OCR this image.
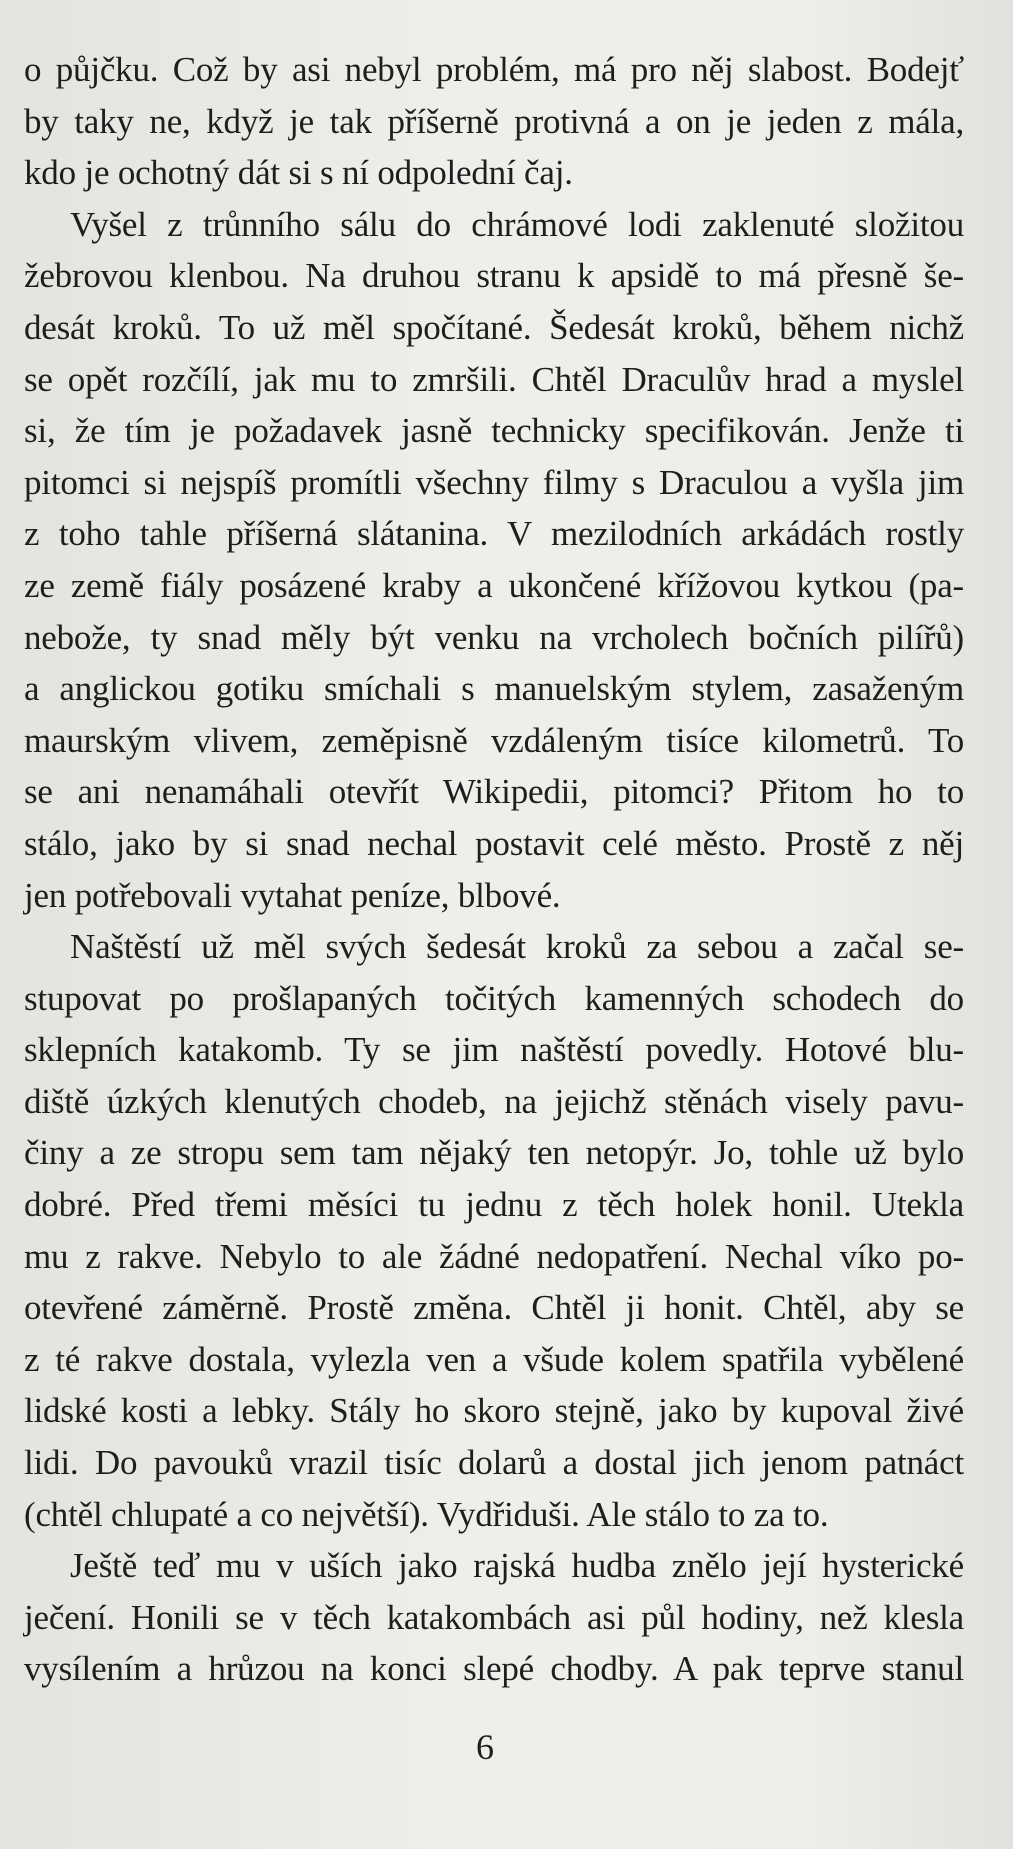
o půjčku. Což by asi nebyl problém, má pro něj slabost. Bodejť
by taky ne, když je tak příšerně protivná a on je jeden z mála,
kdo je ochotný dát si s ní odpolední čaj.
Vyšel z trůnního sálu do chrámové lodi zaklenuté složitou
žebrovou klenbou. Na druhou stranu k apsidě to má přesně še-
desát kroků. To už měl spočítané. Šedesát kroků, během nichž
se opět rozčílí, jak mu to zmršili. Chtěl Draculův hrad a myslel
si, že tím je požadavek jasně technicky specifikován. Jenže ti
pitomci si nejspíš promítli všechny filmy s Draculou a vyšla jim
z toho tahle příšerná slátanina. V mezilodních arkádách rostly
ze země fiály posázené kraby a ukončené křížovou kytkou (pa-
nebože, ty snad měly být venku na vrcholech bočních pilířů)
a anglickou gotiku smíchali s manuelským stylem, zasaženým
maurským vlivem, zeměpisně vzdáleným tisíce kilometrů. To
se ani nenamáhali otevřít Wikipedii, pitomci? Přitom ho to
stálo, jako by si snad nechal postavit celé město. Prostě z něj
jen potřebovali vytahat peníze, blbové.
Naštěstí už měl svých šedesát kroků za sebou a začal se-
stupovat po prošlapaných točitých kamenných schodech do
sklepních katakomb. Ty se jim naštěstí povedly. Hotové blu-
diště úzkých klenutých chodeb, na jejichž stěnách visely pavu-
činy a ze stropu sem tam nějaký ten netopýr. Jo, tohle už bylo
dobré. Před třemi měsíci tu jednu z těch holek honil. Utekla
mu z rakve. Nebylo to ale žádné nedopatření. Nechal víko po-
otevřené záměrně. Prostě změna. Chtěl ji honit. Chtěl, aby se
z té rakve dostala, vylezla ven a všude kolem spatřila vybělené
lidské kosti a lebky. Stály ho skoro stejně, jako by kupoval živé
lidi. Do pavouků vrazil tisíc dolarů a dostal jich jenom patnáct
(chtěl chlupaté a co největší). Vydřiduši. Ale stálo to za to.
Ještě teď mu v uších jako rajská hudba znělo její hysterické
ječení. Honili se v těch katakombách asi půl hodiny, než klesla
vysílením a hrůzou na konci slepé chodby. A pak teprve stanul
6
